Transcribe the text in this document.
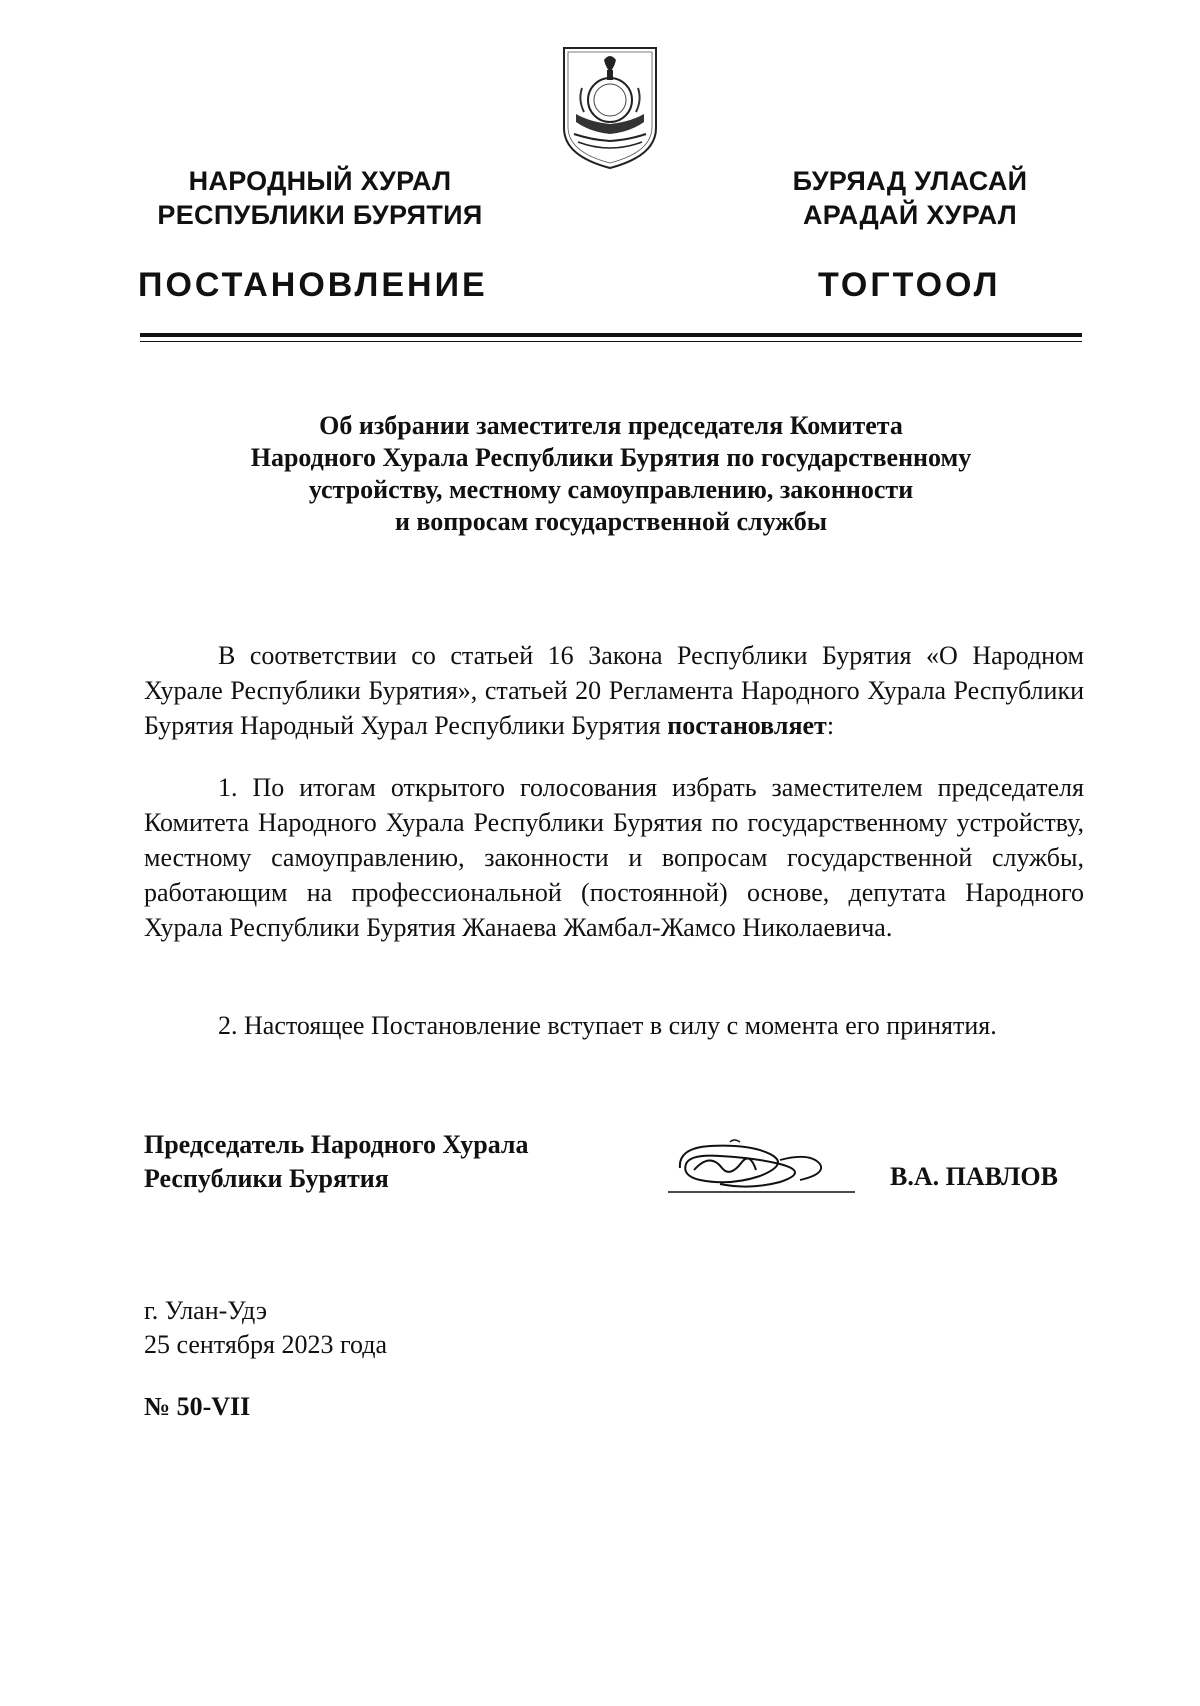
НАРОДНЫЙ ХУРАЛ
РЕСПУБЛИКИ БУРЯТИЯ
БУРЯАД УЛАСАЙ
АРАДАЙ ХУРАЛ
ПОСТАНОВЛЕНИЕ	ТОГТООЛ
Об избрании заместителя председателя Комитета
Народного Хурала Республики Бурятия по государственному
устройству, местному самоуправлению, законности
и вопросам государственной службы
В соответствии со статьей 16 Закона Республики Бурятия «О Народном Хурале Республики Бурятия», статьей 20 Регламента Народного Хурала Республики Бурятия Народный Хурал Республики Бурятия постановляет:
1. По итогам открытого голосования избрать заместителем председателя Комитета Народного Хурала Республики Бурятия по государственному устройству, местному самоуправлению, законности и вопросам государственной службы, работающим на профессиональной (постоянной) основе, депутата Народного Хурала Республики Бурятия Жанаева Жамбал-Жамсо Николаевича.
2. Настоящее Постановление вступает в силу с момента его принятия.
Председатель Народного Хурала
Республики Бурятия	В.А. ПАВЛОВ
г. Улан-Удэ
25 сентября 2023 года
№ 50-VII
